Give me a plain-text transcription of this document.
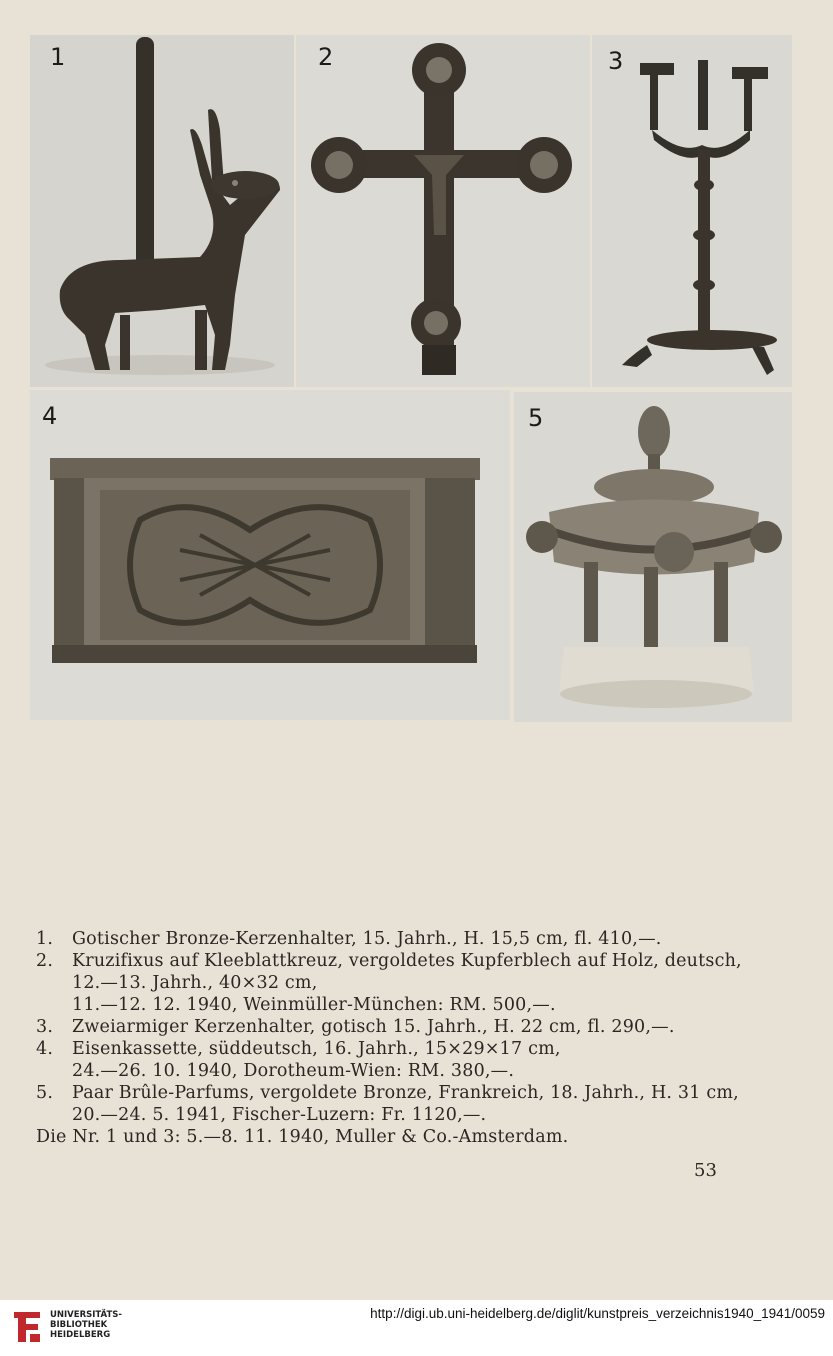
1	2	3
4	5
1.	Gotischer Bronze-Kerzenhalter, 15. Jahrh., H. 15,5 cm, fl. 410,—.
2.	Kruzifixus auf Kleeblattkreuz, vergoldetes Kupferblech auf Holz, deutsch,
12.—13. Jahrh., 40×32 cm,
11.—12. 12. 1940, Weinmüller-München: RM. 500,—.
3.	Zweiarmiger Kerzenhalter, gotisch 15. Jahrh., H. 22 cm, fl. 290,—.
4.	Eisenkassette, süddeutsch, 16. Jahrh., 15×29×17 cm,
24.—26. 10. 1940, Dorotheum-Wien: RM. 380,—.
5.	Paar Brûle-Parfums, vergoldete Bronze, Frankreich, 18. Jahrh., H. 31 cm,
20.—24. 5. 1941, Fischer-Luzern: Fr. 1120,—.
Die Nr. 1 und 3: 5.—8. 11. 1940, Muller & Co.-Amsterdam.
53
UNIVERSITÄTS-
BIBLIOTHEK
HEIDELBERG
http://digi.ub.uni-heidelberg.de/diglit/kunstpreis_verzeichnis1940_1941/0059
